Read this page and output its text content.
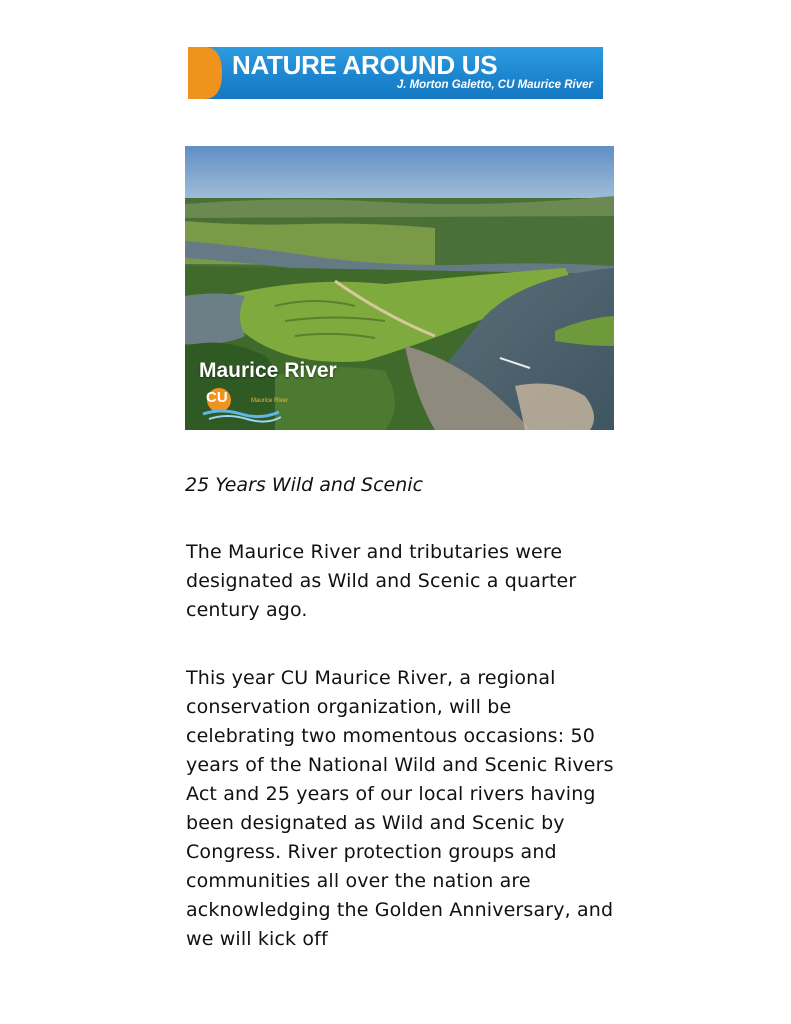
NATURE AROUND US
J. Morton Galetto, CU Maurice River
Maurice River
CU	Maurice River
25 Years Wild and Scenic

The Maurice River and tributaries were designated as Wild and Scenic a quarter century ago.

This year CU Maurice River, a regional conservation organization, will be celebrating two momentous occasions: 50 years of the National Wild and Scenic Rivers Act and 25 years of our local rivers having been designated as Wild and Scenic by Congress. River protection groups and communities all over the nation are acknowledging the Golden Anniversary, and we will kick off
